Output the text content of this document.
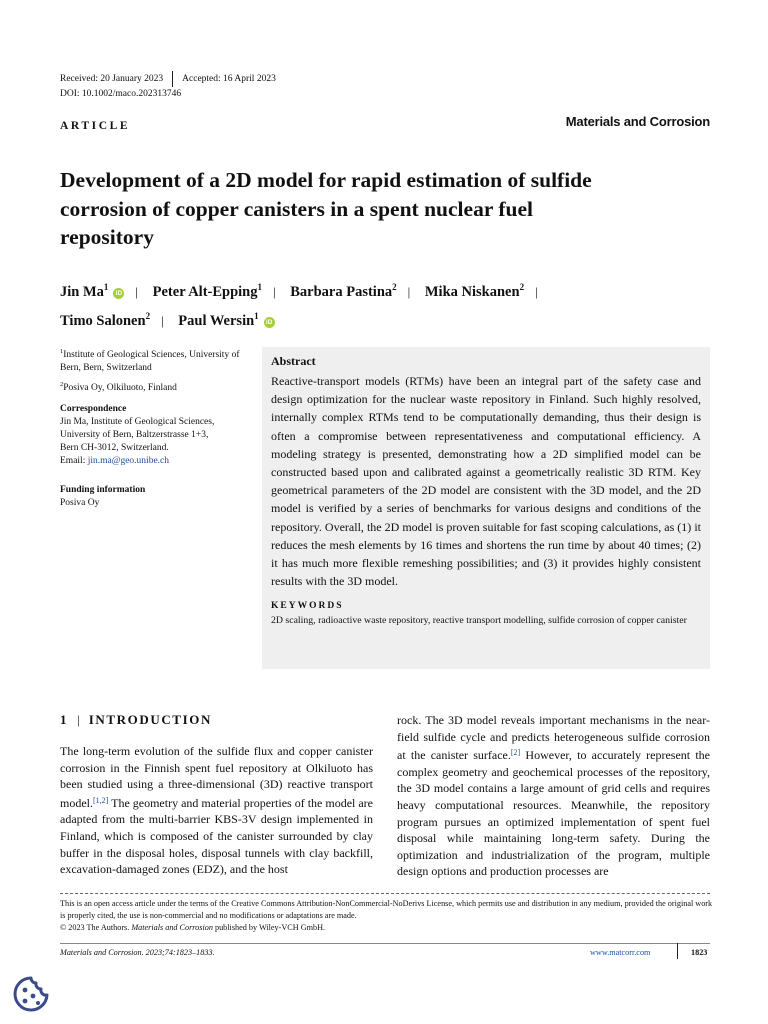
Received: 20 January 2023 Accepted: 16 April 2023
DOI: 10.1002/maco.202313746
ARTICLE	Materials and Corrosion
Development of a 2D model for rapid estimation of sulfide corrosion of copper canisters in a spent nuclear fuel repository
Jin Ma$^1$iD | Peter Alt-Epping$^1$ | Barbara Pastina$^2$ | Mika Niskanen$^2$ |
Timo Salonen$^2$ | Paul Wersin$^1$iD
$^1$Institute of Geological Sciences, University of Bern, Bern, Switzerland
$^2$Posiva Oy, Olkiluoto, Finland
Correspondence
Jin Ma, Institute of Geological Sciences,
University of Bern, Baltzerstrasse 1+3,
Bern CH-3012, Switzerland.
Email: jin.ma@geo.unibe.ch
Funding information
Posiva Oy
Abstract
Reactive-transport models (RTMs) have been an integral part of the safety case and design optimization for the nuclear waste repository in Finland. Such highly resolved, internally complex RTMs tend to be computationally demanding, thus their design is often a compromise between representativeness and computational efficiency. A modeling strategy is presented, demonstrating how a 2D simplified model can be constructed based upon and calibrated against a geometrically realistic 3D RTM. Key geometrical parameters of the 2D model are consistent with the 3D model, and the 2D model is verified by a series of benchmarks for various designs and conditions of the repository. Overall, the 2D model is proven suitable for fast scoping calculations, as (1) it reduces the mesh elements by 16 times and shortens the run time by about 40 times; (2) it has much more flexible remeshing possibilities; and (3) it provides highly consistent results with the 3D model.
KEYWORDS
2D scaling, radioactive waste repository, reactive transport modelling, sulfide corrosion of copper canister
1 | INTRODUCTION
The long-term evolution of the sulfide flux and copper canister corrosion in the Finnish spent fuel repository at Olkiluoto has been studied using a three-dimensional (3D) reactive transport model.[1,2] The geometry and material properties of the model are adapted from the multi-barrier KBS-3V design implemented in Finland, which is composed of the canister surrounded by clay buffer in the disposal holes, disposal tunnels with clay backfill, excavation-damaged zones (EDZ), and the host
rock. The 3D model reveals important mechanisms in the near-field sulfide cycle and predicts heterogeneous sulfide corrosion at the canister surface.[2] However, to accurately represent the complex geometry and geochemical processes of the repository, the 3D model contains a large amount of grid cells and requires heavy computational resources. Meanwhile, the repository program pursues an optimized implementation of spent fuel disposal while maintaining long-term safety. During the optimization and industrialization of the program, multiple design options and production processes are
This is an open access article under the terms of the Creative Commons Attribution-NonCommercial-NoDerivs License, which permits use and distribution in any medium, provided the original work is properly cited, the use is non-commercial and no modifications or adaptations are made.
© 2023 The Authors. Materials and Corrosion published by Wiley-VCH GmbH.
Materials and Corrosion. 2023;74:1823–1833.	www.matcorr.com	1823
